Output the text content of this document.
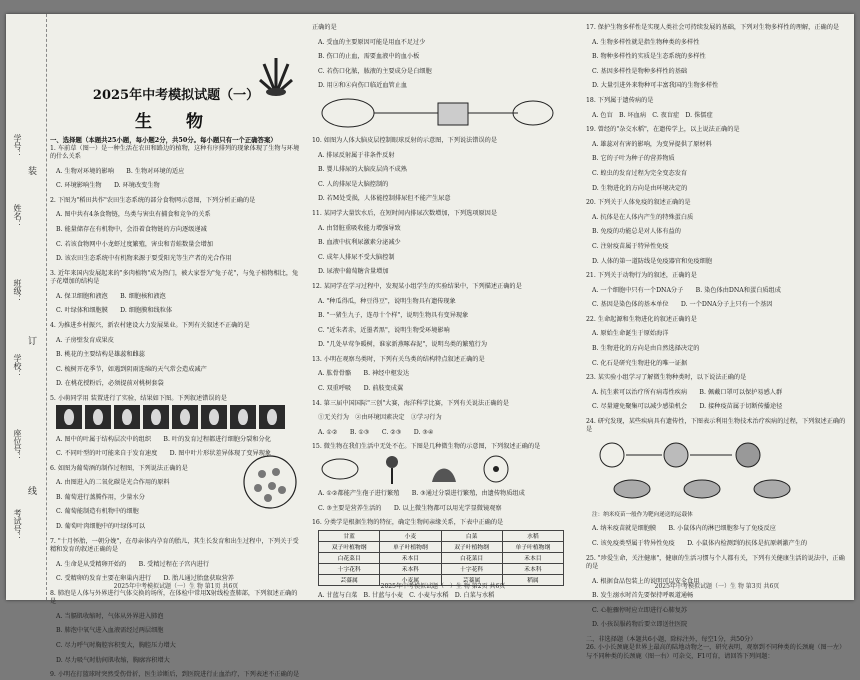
学号：
姓名：
班级：
学校：
座位号：
考试号：
装
订
线
2025年中考模拟试题（一）
生 物
一、选择题（本题共25小题，每小题2分，共50分。每小题只有一个正确答案）

1. 车前草（图一）是一种生活在农田和路边的植物，这种有序排列的现象体现了生物与环境的什么关系

A. 生物对环境的影响　　B. 生物对环境的适应

C. 环境影响生物　　D. 环境改变生物

2. 下图为"稻田共作"农田生态系统的部分食物网示意图，下列分析正确的是

A. 图中共有4条食物链，鸟类与害虫有捕食和竞争的关系

B. 能量储存在有机物中，会沿着食物链的方向逐级递减

C. 若该食物网中小龙虾过度繁殖，害虫和青蛙数量会增加

D. 该农田生态系统中有机物来源于要受阳光等生产者的光合作用

3. 近年来国内发展起来的"多肉植物"成为热门，被大家誉为"兔子花"，与兔子植物相比，兔子花增加的结构是

A. 保卫细胞和液泡　　B. 细胞核和液泡

C. 叶绿体和细胞膜　　D. 细胞膜和线粒体

4. 为推进乡村振兴，新农村建设大力发展果业。下列有关叙述不正确的是

A. 子房壁发育成果皮

B. 桃花的主要结构是雄蕊和雌蕊

C. 梳树开花季节，如遇到阴雨连绵的天气常会造成减产

D. 在桃花授粉后，必须提前对桃树套袋

5. 小萌同学用 装置进行了实验，结果如下图。下列叙述错误的是

A. 图中的叶属于结构层次中的组织　　B. 叶的发育过程都进行细胞分裂和分化

C. 不同叶型的叶可能来自于发育速度　　D. 图中叶片形状差异体现了变异现象

6. 如图为葡萄酒的制作过程图，下列说法正确的是

A. 由图进入的二氧化碳是光合作用的原料

B. 葡萄进行蒸腾作用，少量水分

C. 葡萄能制造有机物中的细胞

D. 葡萄叶肉细胞中的叶绿体可以

7. "十月怀胎，一朝分娩"，在母亲体内孕育的胎儿，其生长发育和出生过程中，下列关于受精和发育的叙述正确的是

A. 生命是从受精卵开始的　　B. 受精过程在子宫内进行

C. 受精卵的发育主要在卵巢内进行　　D. 胎儿通过胎盘获取营养

8. 肺泡是人体与外界进行气体交换的场所，在体检中常用X射线检查肺部，下列叙述正确的是

A. 当膈肌收缩时，气体从外界进入肺泡

B. 肺泡中氧气进入血液需经过两层细胞

C. 尽力呼气时胸腔容积变大，胸腔压力增大

D. 尽力吸气时肋间肌收缩，胸廓容积增大

9. 小明在打篮球时突然受伤骨折，医生诊断后，到医院进行止血治疗，下列表述不正确的是

2025年中考模拟试题（一）生 物 第1页 共6页

正确的是

A. 受血的主要原因可能是用血不足过少

B. 伤口的止血，需要血液中的血小板

C. 若伤口化脓，脓液的主要成分是白细胞

D. 用②和④向伤口临近血管止血

10. 如图为人体大脑皮层控制眼球反射的示意图，下列说法错误的是

A. 排尿反射属于非条件反射

B. 婴儿排尿的大脑皮层尚不成熟

C. 人的排尿是大脑控制的

D. 若M处受损，人体能控制排尿但不能产生尿意

11. 某同学大量饮水后，在短时间内排尿次数增加，下列选项原因是

A. 由肾脏重吸收能力增强导致

B. 血液中抗利尿激素分泌减少

C. 成年人排尿不受大脑控制

D. 尿液中葡萄糖含量增加

12. 某同学在学习过程中，发现某小组学生的实验结果中，下列描述正确的是

A. "种瓜得瓜，种豆得豆"，说明生物具有遗传现象

B. "一猪生九子，连母十个样"，说明生物具有变异现象

C. "近朱者赤，近墨者黑"，说明生物受环境影响

D. "几处早莺争暖树，谁家新燕啄春泥"，说明鸟类的繁殖行为

13. 小明在观察鸟类时，下列有关鸟类的结构特点叙述正确的是

A. 肱骨骨骼　　B. 神经中枢发达

C. 双重呼吸　　D. 前肢变成翼

14. 第三届中国国际"三创"大赛，海洋科学比赛，下列有关说法正确的是

①无关行为　②由环境因素决定　③学习行为

A. ①②　　B. ①③　　C. ②③　　D. ③④

15. 微生物在我们生活中无处不在。下图是几种微生物的示意图，下列叙述正确的是

A. ①②都能产生孢子进行繁殖　　B. ③通过分裂进行繁殖，由遗传物质组成

C. ③主要是营养生活的　　D. 以上微生物都可以用光学显微镜观察

16. 分类学是根据生物的特征，确定生物间亲缘关系，下表中正确的是

甘蓝	小麦	白菜	水稻
双子叶植物纲	单子叶植物纲	双子叶植物纲	单子叶植物纲
白花菜目	禾本目	白花菜目	禾本目
十字花科	禾本科	十字花科	禾本科
芸薹属	小麦属	芸薹属	稻属

A. 甘蓝与白菜　B. 甘蓝与小麦　C. 小麦与水稻　D. 白菜与水稻

2025年中考模拟试题（一）生 物 第2页 共6页

17. 保护生物多样性是实现人类社会可持续发展的基础，下列对生物多样性的理解，正确的是

A. 生物多样性就是指生物种类的多样性

B. 物种多样性的实质是生态系统的多样性

C. 基因多样性是物种多样性的基础

D. 大量引进外来物种可丰富我国的生物多样性

18. 下列属于遗传病的是

A. 色盲　B. 坏血病　C. 夜盲症　D. 侏儒症

19. 曾经的"杂交水稻"，在遗传学上，以上说法正确的是

A. 雄蕊对有害的影响，为变异提供了原材料

B. 它的子叶为种子的营养物质

C. 蝗虫的发育过程为完全变态发育

D. 生物进化的方向是由环境决定的

20. 下列关于人体免疫的叙述正确的是

A. 抗体是在人体内产生的特殊蛋白质

B. 免疫的功能总是对人体有益的

C. 注射疫苗属于特异性免疫

D. 人体的第一道防线是免疫器官和免疫细胞

21. 下列关于动物行为的叙述，正确的是

A. 一个细胞中只有一个DNA分子　　B. 染色体由DNA和蛋白质组成

C. 基因是染色体的基本单位　　D. 一个DNA分子上只有一个基因

22. 生命起源和生物进化的叙述正确的是

A. 原始生命诞生于原始海洋

B. 生物进化的方向是由自然选择决定的

C. 化石是研究生物进化的唯一证据

23. 某实验小组学习了解微生物种类时，以下说法正确的是

A. 抗生素可以治疗所有病毒性疾病　　B. 佩戴口罩可以保护易感人群

C. 尽量避免聚集可以减少感染机会　　D. 接种疫苗属于切断传播途径

24. 研究发现，某些疾病具有遗传性，下图表示利用生物技术治疗疾病的过程，下列叙述正确的是

注：纳米疫苗一般作为靶向递送的运载体

A. 纳米疫苗就是细胞膜　　B. 小鼠体内的淋巴细胞参与了免疫反应

C. 该免疫类型属于特异性免疫　　D. 小鼠体内检测到的抗体是抗原刺激产生的

25. "珍爱生命，关注健康"，健康的生活习惯与个人都有关，下列有关健康生活的说法中，正确的是

A. 根据食品包装上的说明可以安全食用

B. 发生溺水时首先要保持呼吸道通畅

C. 心脏骤停时应立即进行心肺复苏

D. 小孩误服药物后要立即送往医院

二、非选择题（本题共6小题，除标注外，每空1分，共50分）

26. 小小长颈鹿是世界上最高的陆地动物之一，研究表明，观察到不同种类的长颈鹿（图一左）与不同种类的长颈鹿（图一右）可杂交，F1可育，请回答下列问题：

2025年中考模拟试题（一）生 物 第3页 共6页
